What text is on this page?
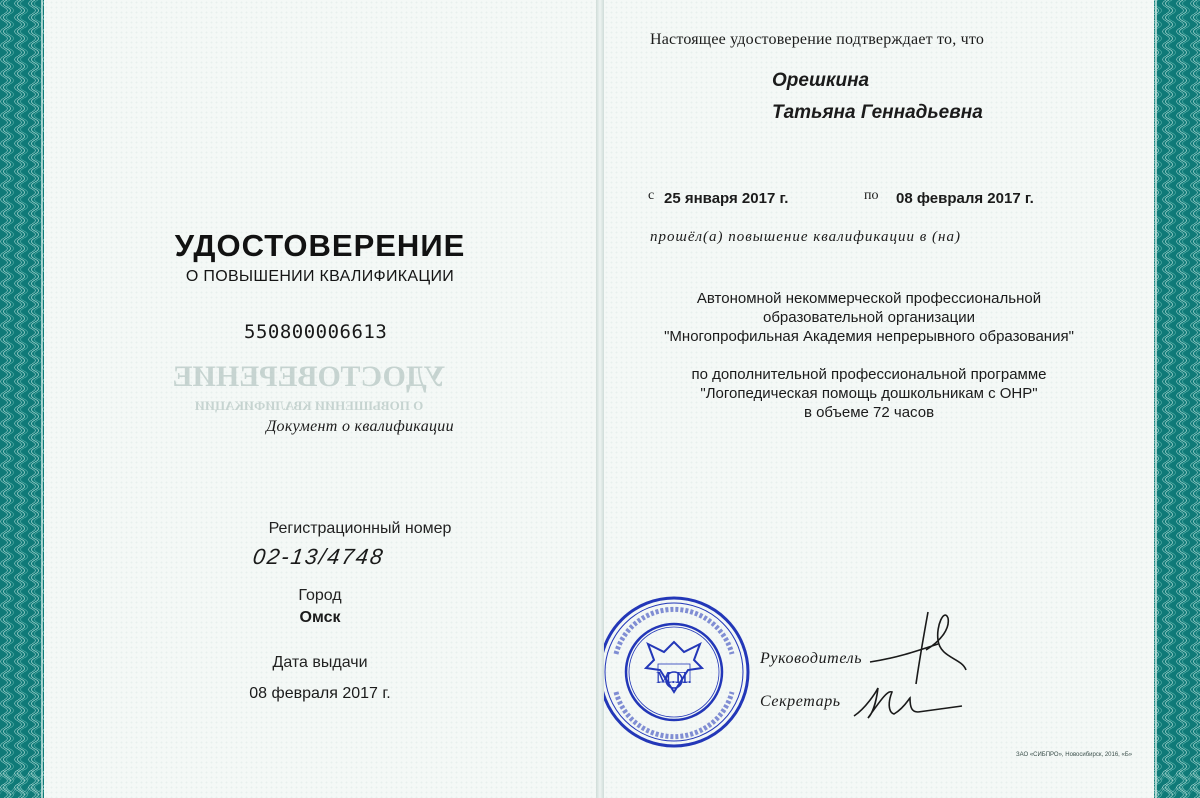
УДОСТОВЕРЕНИЕ
О ПОВЫШЕНИИ КВАЛИФИКАЦИИ
УДОСТОВЕРЕНИЕ
О ПОВЫШЕНИИ КВАЛИФИКАЦИИ
550800006613
Документ о квалификации
Регистрационный номер
02-13/4748
Город
Омск
Дата выдачи
08 февраля 2017 г.
Настоящее удостоверение подтверждает то, что
Орешкина
Татьяна Геннадьевна
с 25 января 2017 г.	по 08 февраля 2017 г.
прошёл(а) повышение квалификации в (на)
Автономной некоммерческой профессиональной
образовательной организации
"Многопрофильная Академия непрерывного образования"
по дополнительной профессиональной программе
"Логопедическая помощь дошкольникам с ОНР"
в объеме 72 часов
М.П.
Руководитель
Секретарь
ЗАО «СИБПРО», Новосибирск, 2016, «Б»
